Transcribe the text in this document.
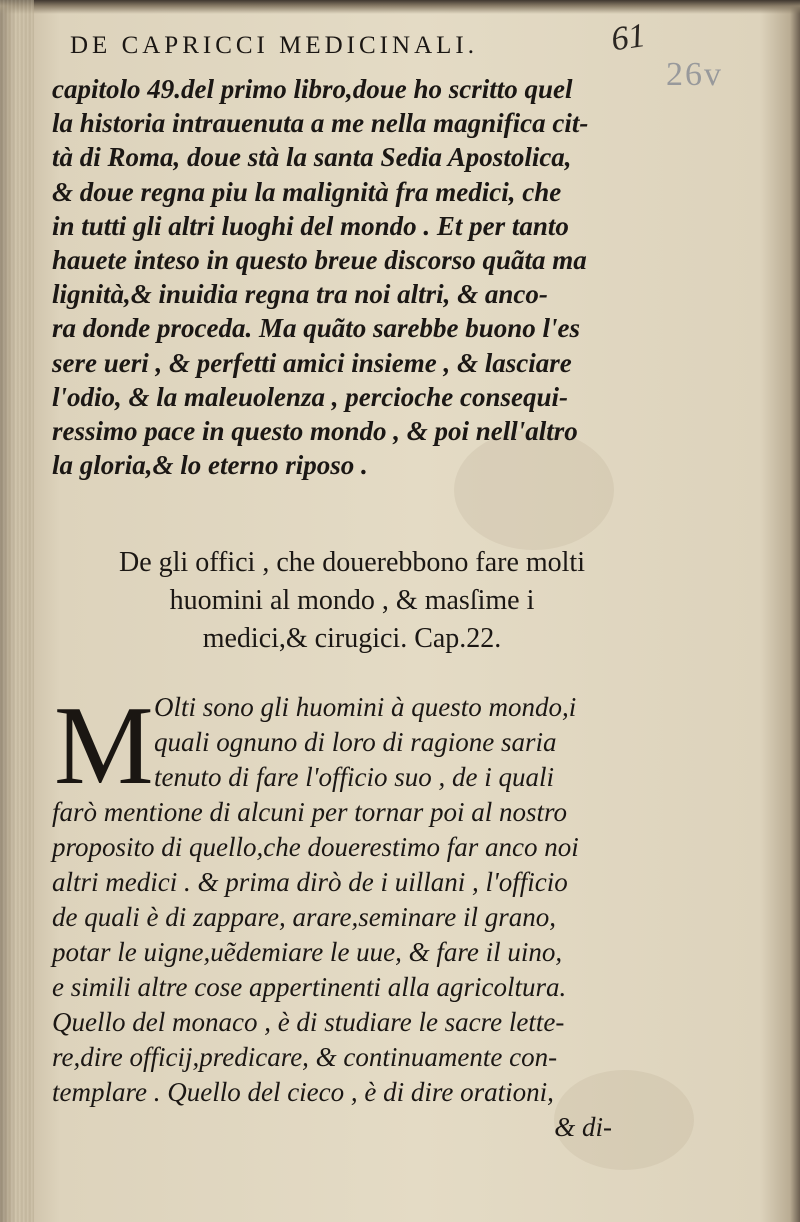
DE CAPRICCI MEDICINALI.	61
26v
capitolo 49.del primo libro,doue ho scritto quel
la historia intrauenuta a me nella magnifica cit-
tà di Roma, doue stà la santa Sedia Apostolica,
& doue regna piu la malignità fra medici, che
in tutti gli altri luoghi del mondo . Et per tanto
hauete inteso in questo breue discorso quãta ma
lignità,& inuidia regna tra noi altri, & anco-
ra donde proceda. Ma quãto sarebbe buono l'es
sere ueri , & perfetti amici insieme , & lasciare
l'odio, & la maleuolenza , percioche consequi-
ressimo pace in questo mondo , & poi nell'altro
la gloria,& lo eterno riposo .
De gli offici , che douerebbono fare molti
huomini al mondo , & masſime i
medici,& cirugici. Cap.22.
M Olti sono gli huomini à questo mondo,i
quali ognuno di loro di ragione saria
tenuto di fare l'officio suo , de i quali
farò mentione di alcuni per tornar poi al nostro
proposito di quello,che douerestimo far anco noi
altri medici . & prima dirò de i uillani , l'officio
de quali è di zappare, arare,seminare il grano,
potar le uigne,uẽdemiare le uue, & fare il uino,
e simili altre cose appertinenti alla agricoltura.
Quello del monaco , è di studiare le sacre lette-
re,dire officij,predicare, & continuamente con-
templare . Quello del cieco , è di dire orationi,
& di-
